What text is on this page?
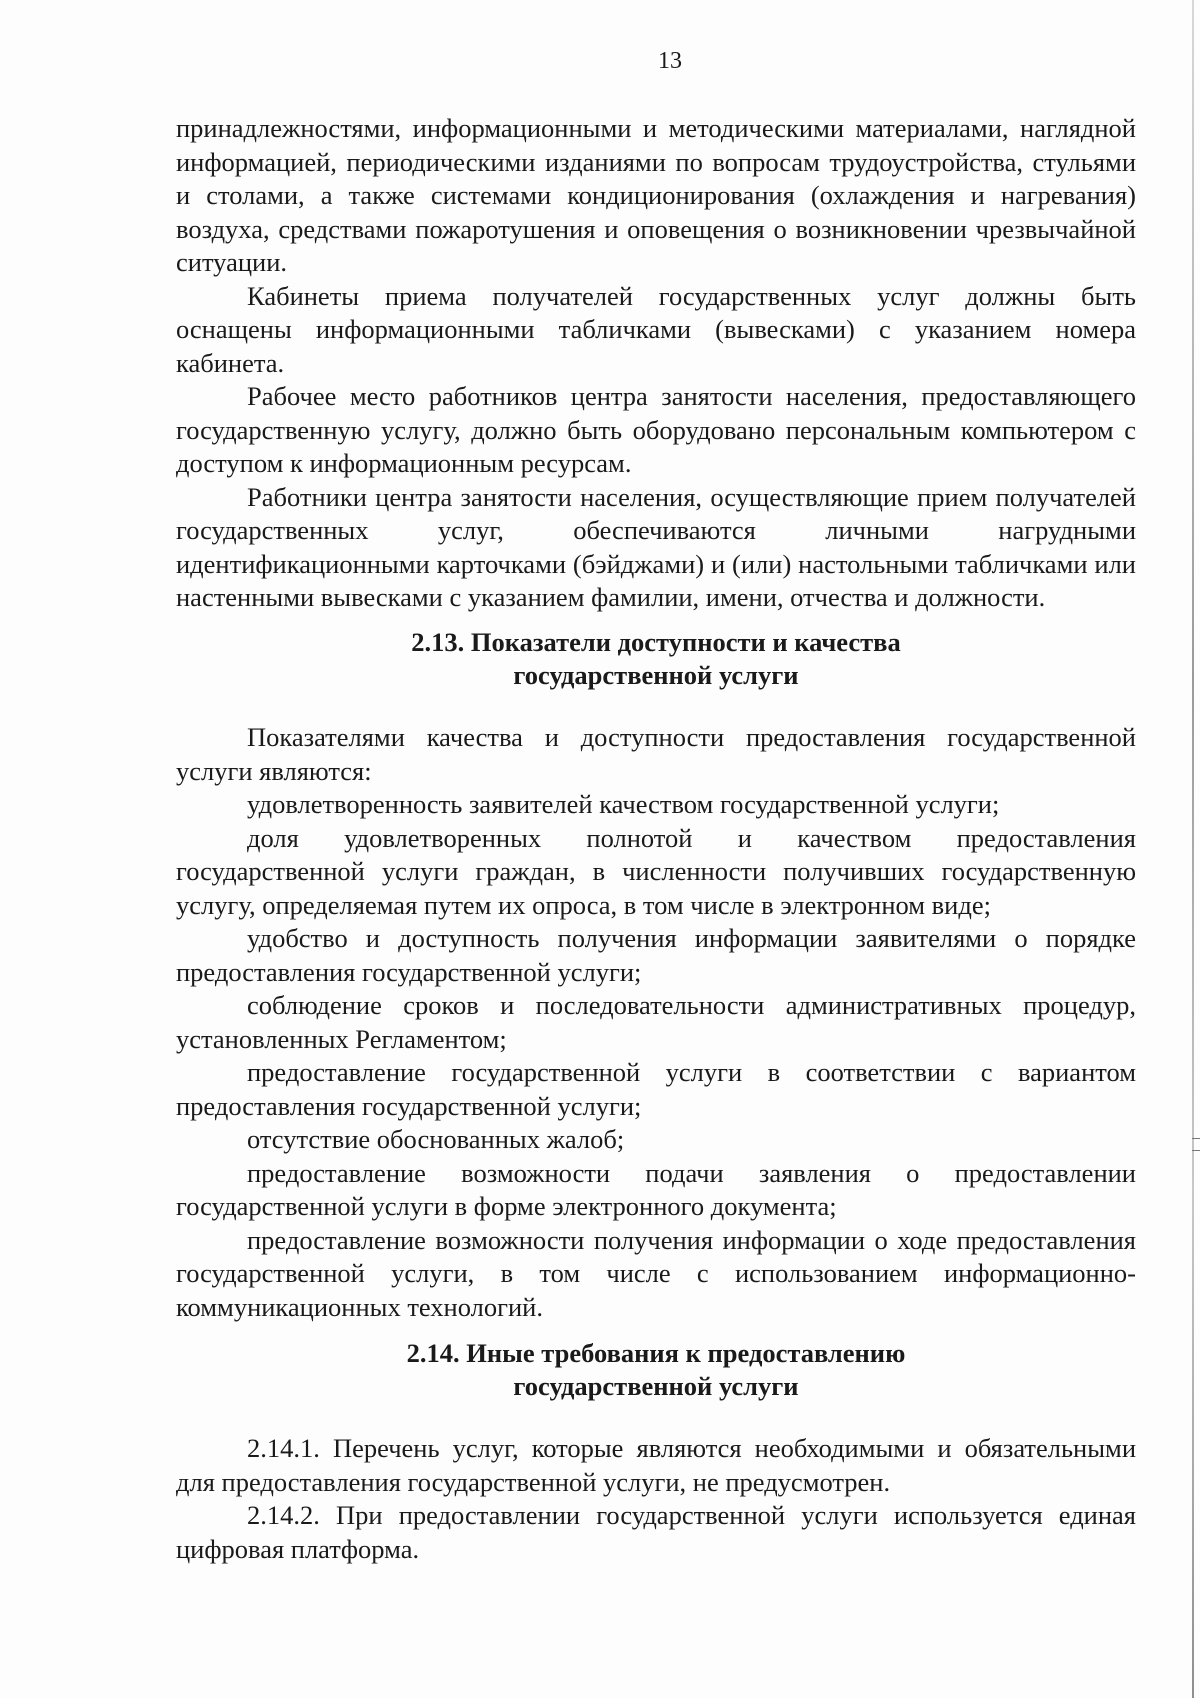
13

принадлежностями, информационными и методическими материалами, наглядной информацией, периодическими изданиями по вопросам трудоустройства, стульями и столами, а также системами кондиционирования (охлаждения и нагревания) воздуха, средствами пожаротушения и оповещения о возникновении чрезвычайной ситуации.

Кабинеты приема получателей государственных услуг должны быть оснащены информационными табличками (вывесками) с указанием номера кабинета.

Рабочее место работников центра занятости населения, предоставляющего государственную услугу, должно быть оборудовано персональным компьютером с доступом к информационным ресурсам.

Работники центра занятости населения, осуществляющие прием получателей государственных услуг, обеспечиваются личными нагрудными идентификационными карточками (бэйджами) и (или) настольными табличками или настенными вывесками с указанием фамилии, имени, отчества и должности.

2.13. Показатели доступности и качества
государственной услуги

Показателями качества и доступности предоставления государственной услуги являются:

удовлетворенность заявителей качеством государственной услуги;

доля удовлетворенных полнотой и качеством предоставления государственной услуги граждан, в численности получивших государственную услугу, определяемая путем их опроса, в том числе в электронном виде;

удобство и доступность получения информации заявителями о порядке предоставления государственной услуги;

соблюдение сроков и последовательности административных процедур, установленных Регламентом;

предоставление государственной услуги в соответствии с вариантом предоставления государственной услуги;

отсутствие обоснованных жалоб;

предоставление возможности подачи заявления о предоставлении государственной услуги в форме электронного документа;

предоставление возможности получения информации о ходе предоставления государственной услуги, в том числе с использованием информационно-коммуникационных технологий.

2.14. Иные требования к предоставлению
государственной услуги

2.14.1. Перечень услуг, которые являются необходимыми и обязательными для предоставления государственной услуги, не предусмотрен.

2.14.2. При предоставлении государственной услуги используется единая цифровая платформа.
